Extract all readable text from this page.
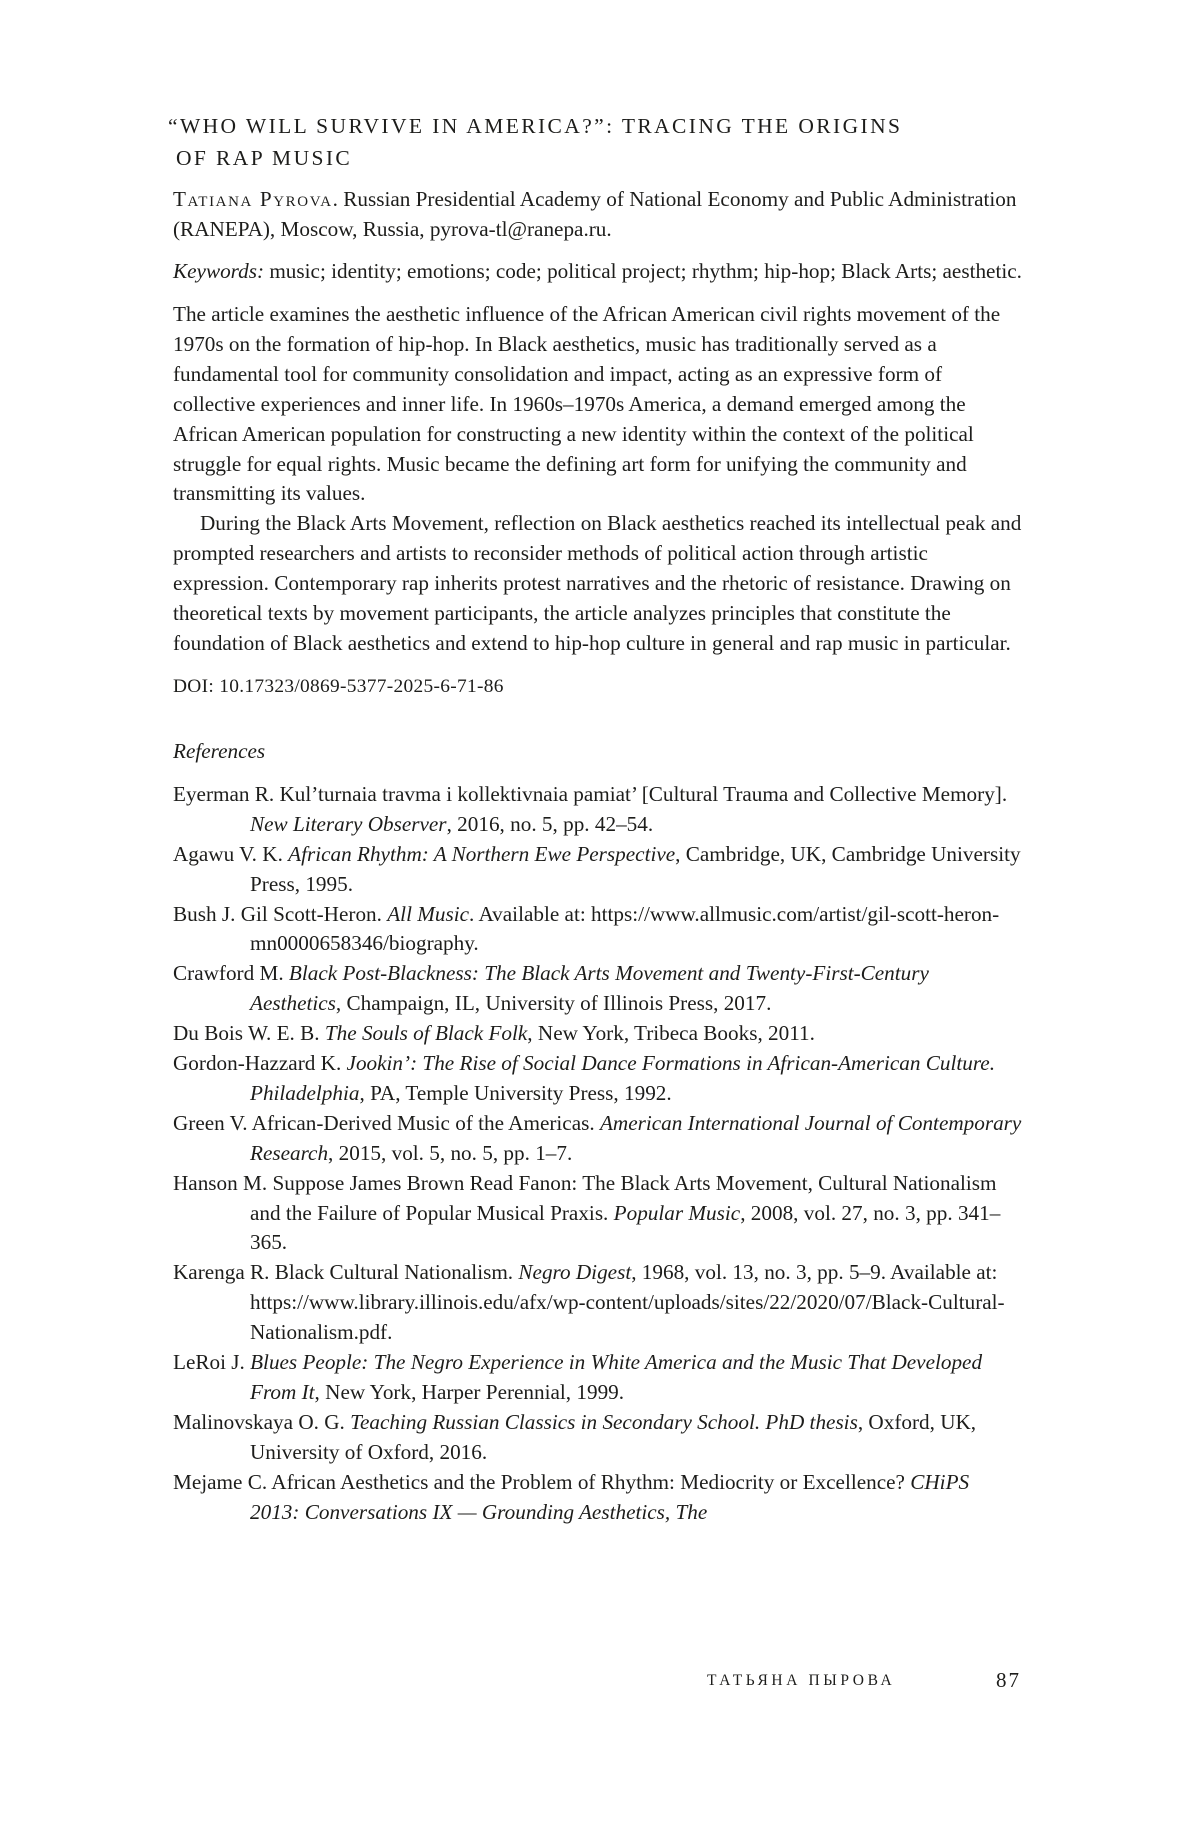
“WHO WILL SURVIVE IN AMERICA?”: TRACING THE ORIGINS
OF RAP MUSIC
Tatiana Pyrova. Russian Presidential Academy of National Economy and Public Administration (RANEPA), Moscow, Russia, pyrova-tl@ranepa.ru.
Keywords: music; identity; emotions; code; political project; rhythm; hip-hop; Black Arts; aesthetic.

The article examines the aesthetic influence of the African American civil rights movement of the 1970s on the formation of hip-hop. In Black aesthetics, music has traditionally served as a fundamental tool for community consolidation and impact, acting as an expressive form of collective experiences and inner life. In 1960s–1970s America, a demand emerged among the African American population for constructing a new identity within the context of the political struggle for equal rights. Music became the defining art form for unifying the community and transmitting its values.

During the Black Arts Movement, reflection on Black aesthetics reached its intellectual peak and prompted researchers and artists to reconsider methods of political action through artistic expression. Contemporary rap inherits protest narratives and the rhetoric of resistance. Drawing on theoretical texts by movement participants, the article analyzes principles that constitute the foundation of Black aesthetics and extend to hip-hop culture in general and rap music in particular.

DOI: 10.17323/0869-5377-2025-6-71-86
References
Eyerman R. Kul’turnaia travma i kollektivnaia pamiat’ [Cultural Trauma and Collective Memory]. New Literary Observer, 2016, no. 5, pp. 42–54.
Agawu V. K. African Rhythm: A Northern Ewe Perspective, Cambridge, UK, Cambridge University Press, 1995.
Bush J. Gil Scott-Heron. All Music. Available at: https://www.allmusic.com/artist/gil-scott-heron-mn0000658346/biography.
Crawford M. Black Post-Blackness: The Black Arts Movement and Twenty-First-Century Aesthetics, Champaign, IL, University of Illinois Press, 2017.
Du Bois W. E. B. The Souls of Black Folk, New York, Tribeca Books, 2011.
Gordon-Hazzard K. Jookin’: The Rise of Social Dance Formations in African-American Culture. Philadelphia, PA, Temple University Press, 1992.
Green V. African-Derived Music of the Americas. American International Journal of Contemporary Research, 2015, vol. 5, no. 5, pp. 1–7.
Hanson M. Suppose James Brown Read Fanon: The Black Arts Movement, Cultural Nationalism and the Failure of Popular Musical Praxis. Popular Music, 2008, vol. 27, no. 3, pp. 341–365.
Karenga R. Black Cultural Nationalism. Negro Digest, 1968, vol. 13, no. 3, pp. 5–9. Available at: https://www.library.illinois.edu/afx/wp-content/uploads/sites/22/2020/07/Black-Cultural-Nationalism.pdf.
LeRoi J. Blues People: The Negro Experience in White America and the Music That Developed From It, New York, Harper Perennial, 1999.
Malinovskaya O. G. Teaching Russian Classics in Secondary School. PhD thesis, Oxford, UK, University of Oxford, 2016.
Mejame C. African Aesthetics and the Problem of Rhythm: Mediocrity or Excellence? CHiPS 2013: Conversations IX — Grounding Aesthetics, The
ТАТЬЯНА ПЫРОВА	87
